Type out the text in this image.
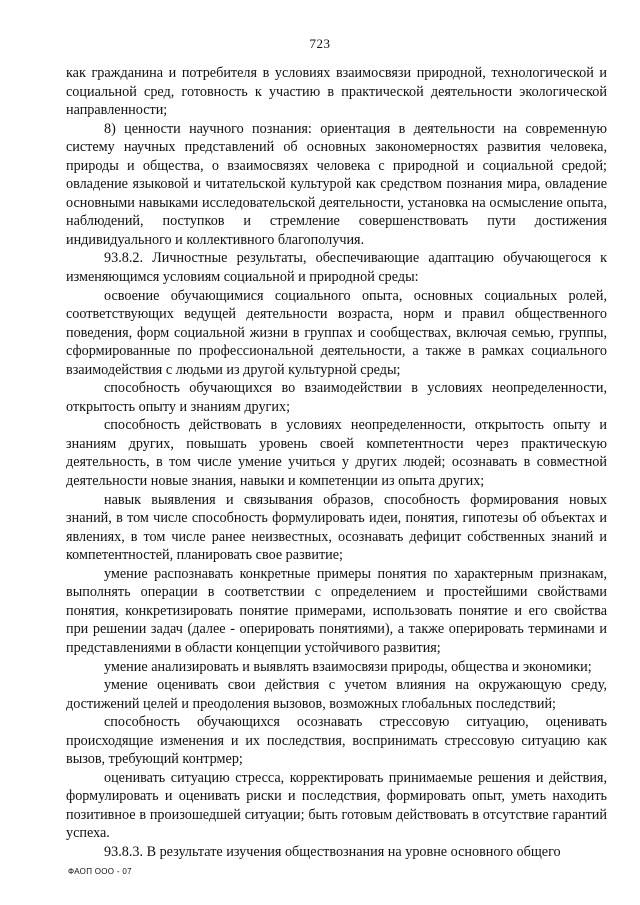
723

как гражданина и потребителя в условиях взаимосвязи природной, технологической и социальной сред, готовность к участию в практической деятельности экологической направленности;

8) ценности научного познания: ориентация в деятельности на современную систему научных представлений об основных закономерностях развития человека, природы и общества, о взаимосвязях человека с природной и социальной средой; овладение языковой и читательской культурой как средством познания мира, овладение основными навыками исследовательской деятельности, установка на осмысление опыта, наблюдений, поступков и стремление совершенствовать пути достижения индивидуального и коллективного благополучия.

93.8.2. Личностные результаты, обеспечивающие адаптацию обучающегося к изменяющимся условиям социальной и природной среды:

освоение обучающимися социального опыта, основных социальных ролей, соответствующих ведущей деятельности возраста, норм и правил общественного поведения, форм социальной жизни в группах и сообществах, включая семью, группы, сформированные по профессиональной деятельности, а также в рамках социального взаимодействия с людьми из другой культурной среды;

способность обучающихся во взаимодействии в условиях неопределенности, открытость опыту и знаниям других;

способность действовать в условиях неопределенности, открытость опыту и знаниям других, повышать уровень своей компетентности через практическую деятельность, в том числе умение учиться у других людей; осознавать в совместной деятельности новые знания, навыки и компетенции из опыта других;

навык выявления и связывания образов, способность формирования новых знаний, в том числе способность формулировать идеи, понятия, гипотезы об объектах и явлениях, в том числе ранее неизвестных, осознавать дефицит собственных знаний и компетентностей, планировать свое развитие;

умение распознавать конкретные примеры понятия по характерным признакам, выполнять операции в соответствии с определением и простейшими свойствами понятия, конкретизировать понятие примерами, использовать понятие и его свойства при решении задач (далее - оперировать понятиями), а также оперировать терминами и представлениями в области концепции устойчивого развития;

умение анализировать и выявлять взаимосвязи природы, общества и экономики;

умение оценивать свои действия с учетом влияния на окружающую среду, достижений целей и преодоления вызовов, возможных глобальных последствий;

способность обучающихся осознавать стрессовую ситуацию, оценивать происходящие изменения и их последствия, воспринимать стрессовую ситуацию как вызов, требующий контрмер;

оценивать ситуацию стресса, корректировать принимаемые решения и действия, формулировать и оценивать риски и последствия, формировать опыт, уметь находить позитивное в произошедшей ситуации; быть готовым действовать в отсутствие гарантий успеха.

93.8.3. В результате изучения обществознания на уровне основного общего

ФАОП ООО - 07
